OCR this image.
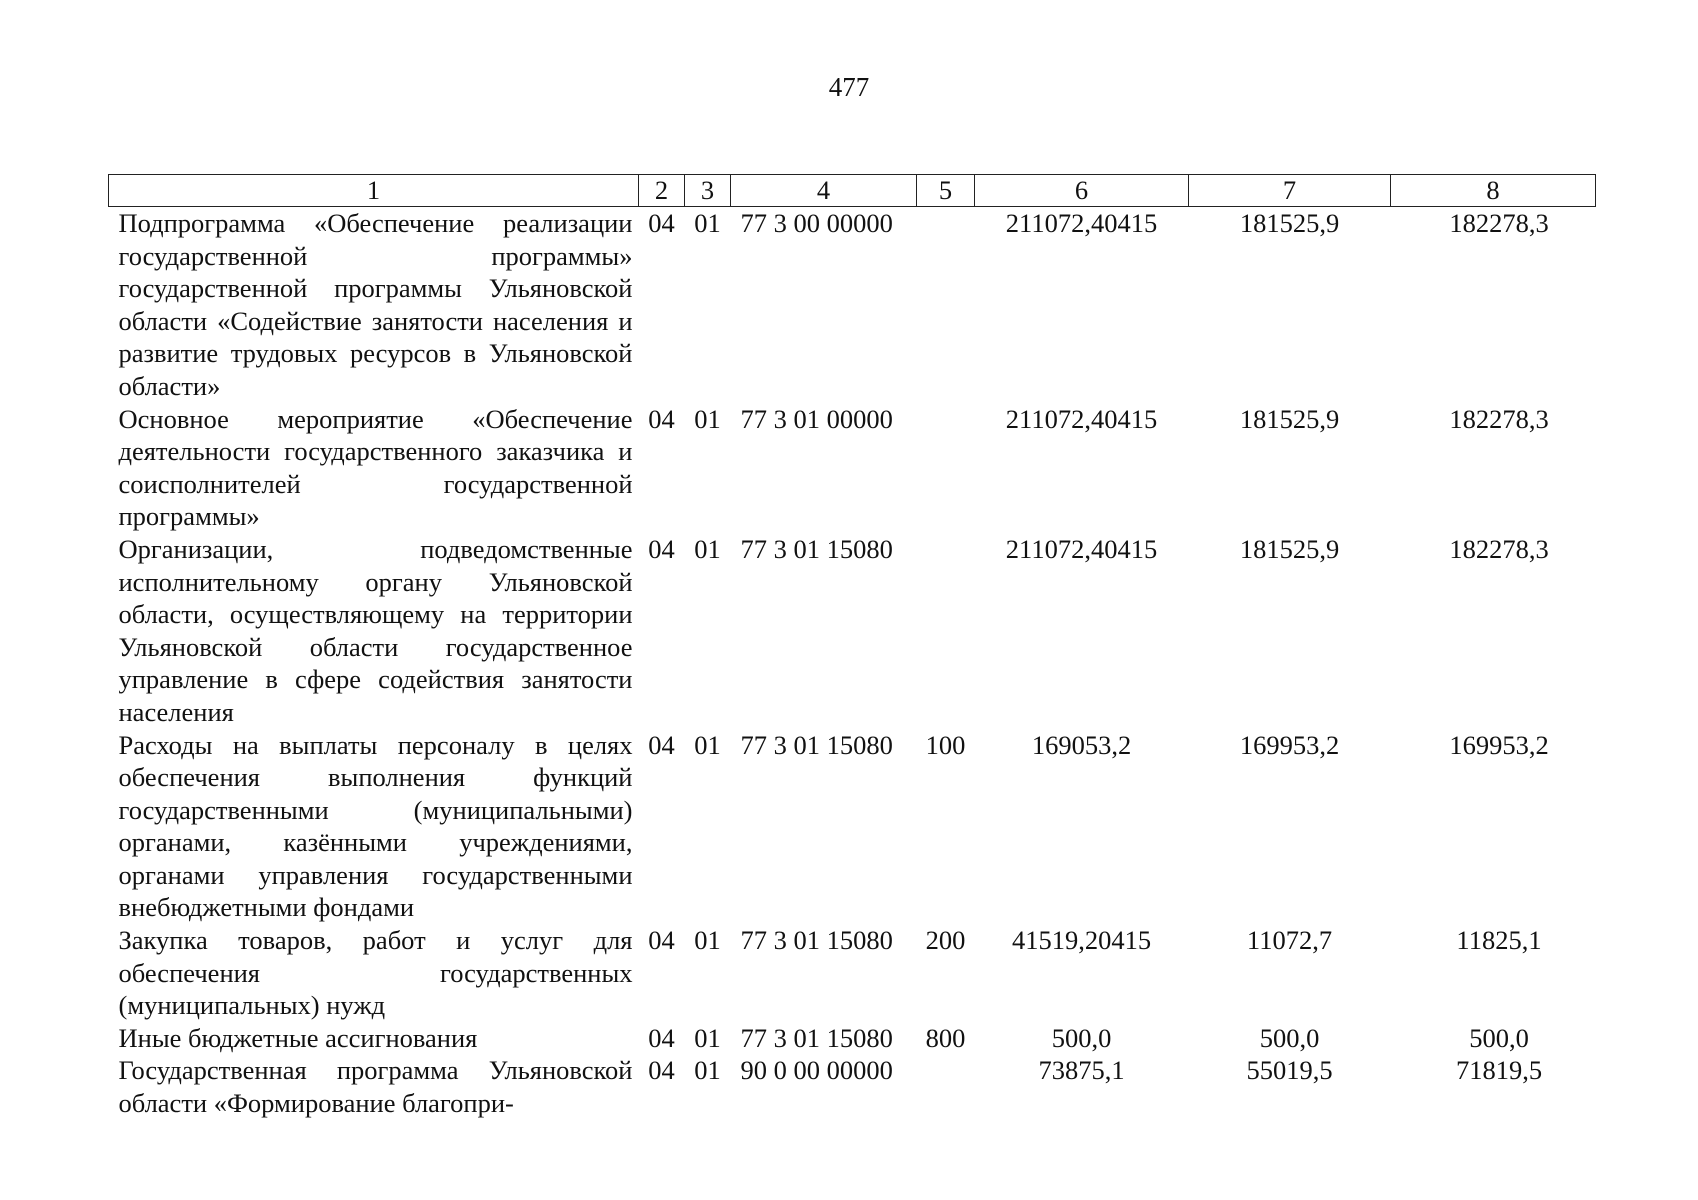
477
1	2	3	4	5	6	7	8
Подпрограмма «Обеспечение реализации государственной программы» государственной программы Ульяновской области «Содействие занятости населения и развитие трудовых ресурсов в Ульяновской области»	04	01	77 3 00 00000		211072,40415	181525,9	182278,3
Основное мероприятие «Обеспечение деятельности государственного заказчика и соисполнителей государственной программы»	04	01	77 3 01 00000		211072,40415	181525,9	182278,3
Организации, подведомственные исполнительному органу Ульяновской области, осуществляющему на территории Ульяновской области государственное управление в сфере содействия занятости населения	04	01	77 3 01 15080		211072,40415	181525,9	182278,3
Расходы на выплаты персоналу в целях обеспечения выполнения функций государственными (муниципальными) органами, казёнными учреждениями, органами управления государственными внебюджетными фондами	04	01	77 3 01 15080	100	169053,2	169953,2	169953,2
Закупка товаров, работ и услуг для обеспечения государственных (муниципальных) нужд	04	01	77 3 01 15080	200	41519,20415	11072,7	11825,1
Иные бюджетные ассигнования	04	01	77 3 01 15080	800	500,0	500,0	500,0
Государственная программа Ульяновской области «Формирование благопри-	04	01	90 0 00 00000		73875,1	55019,5	71819,5
